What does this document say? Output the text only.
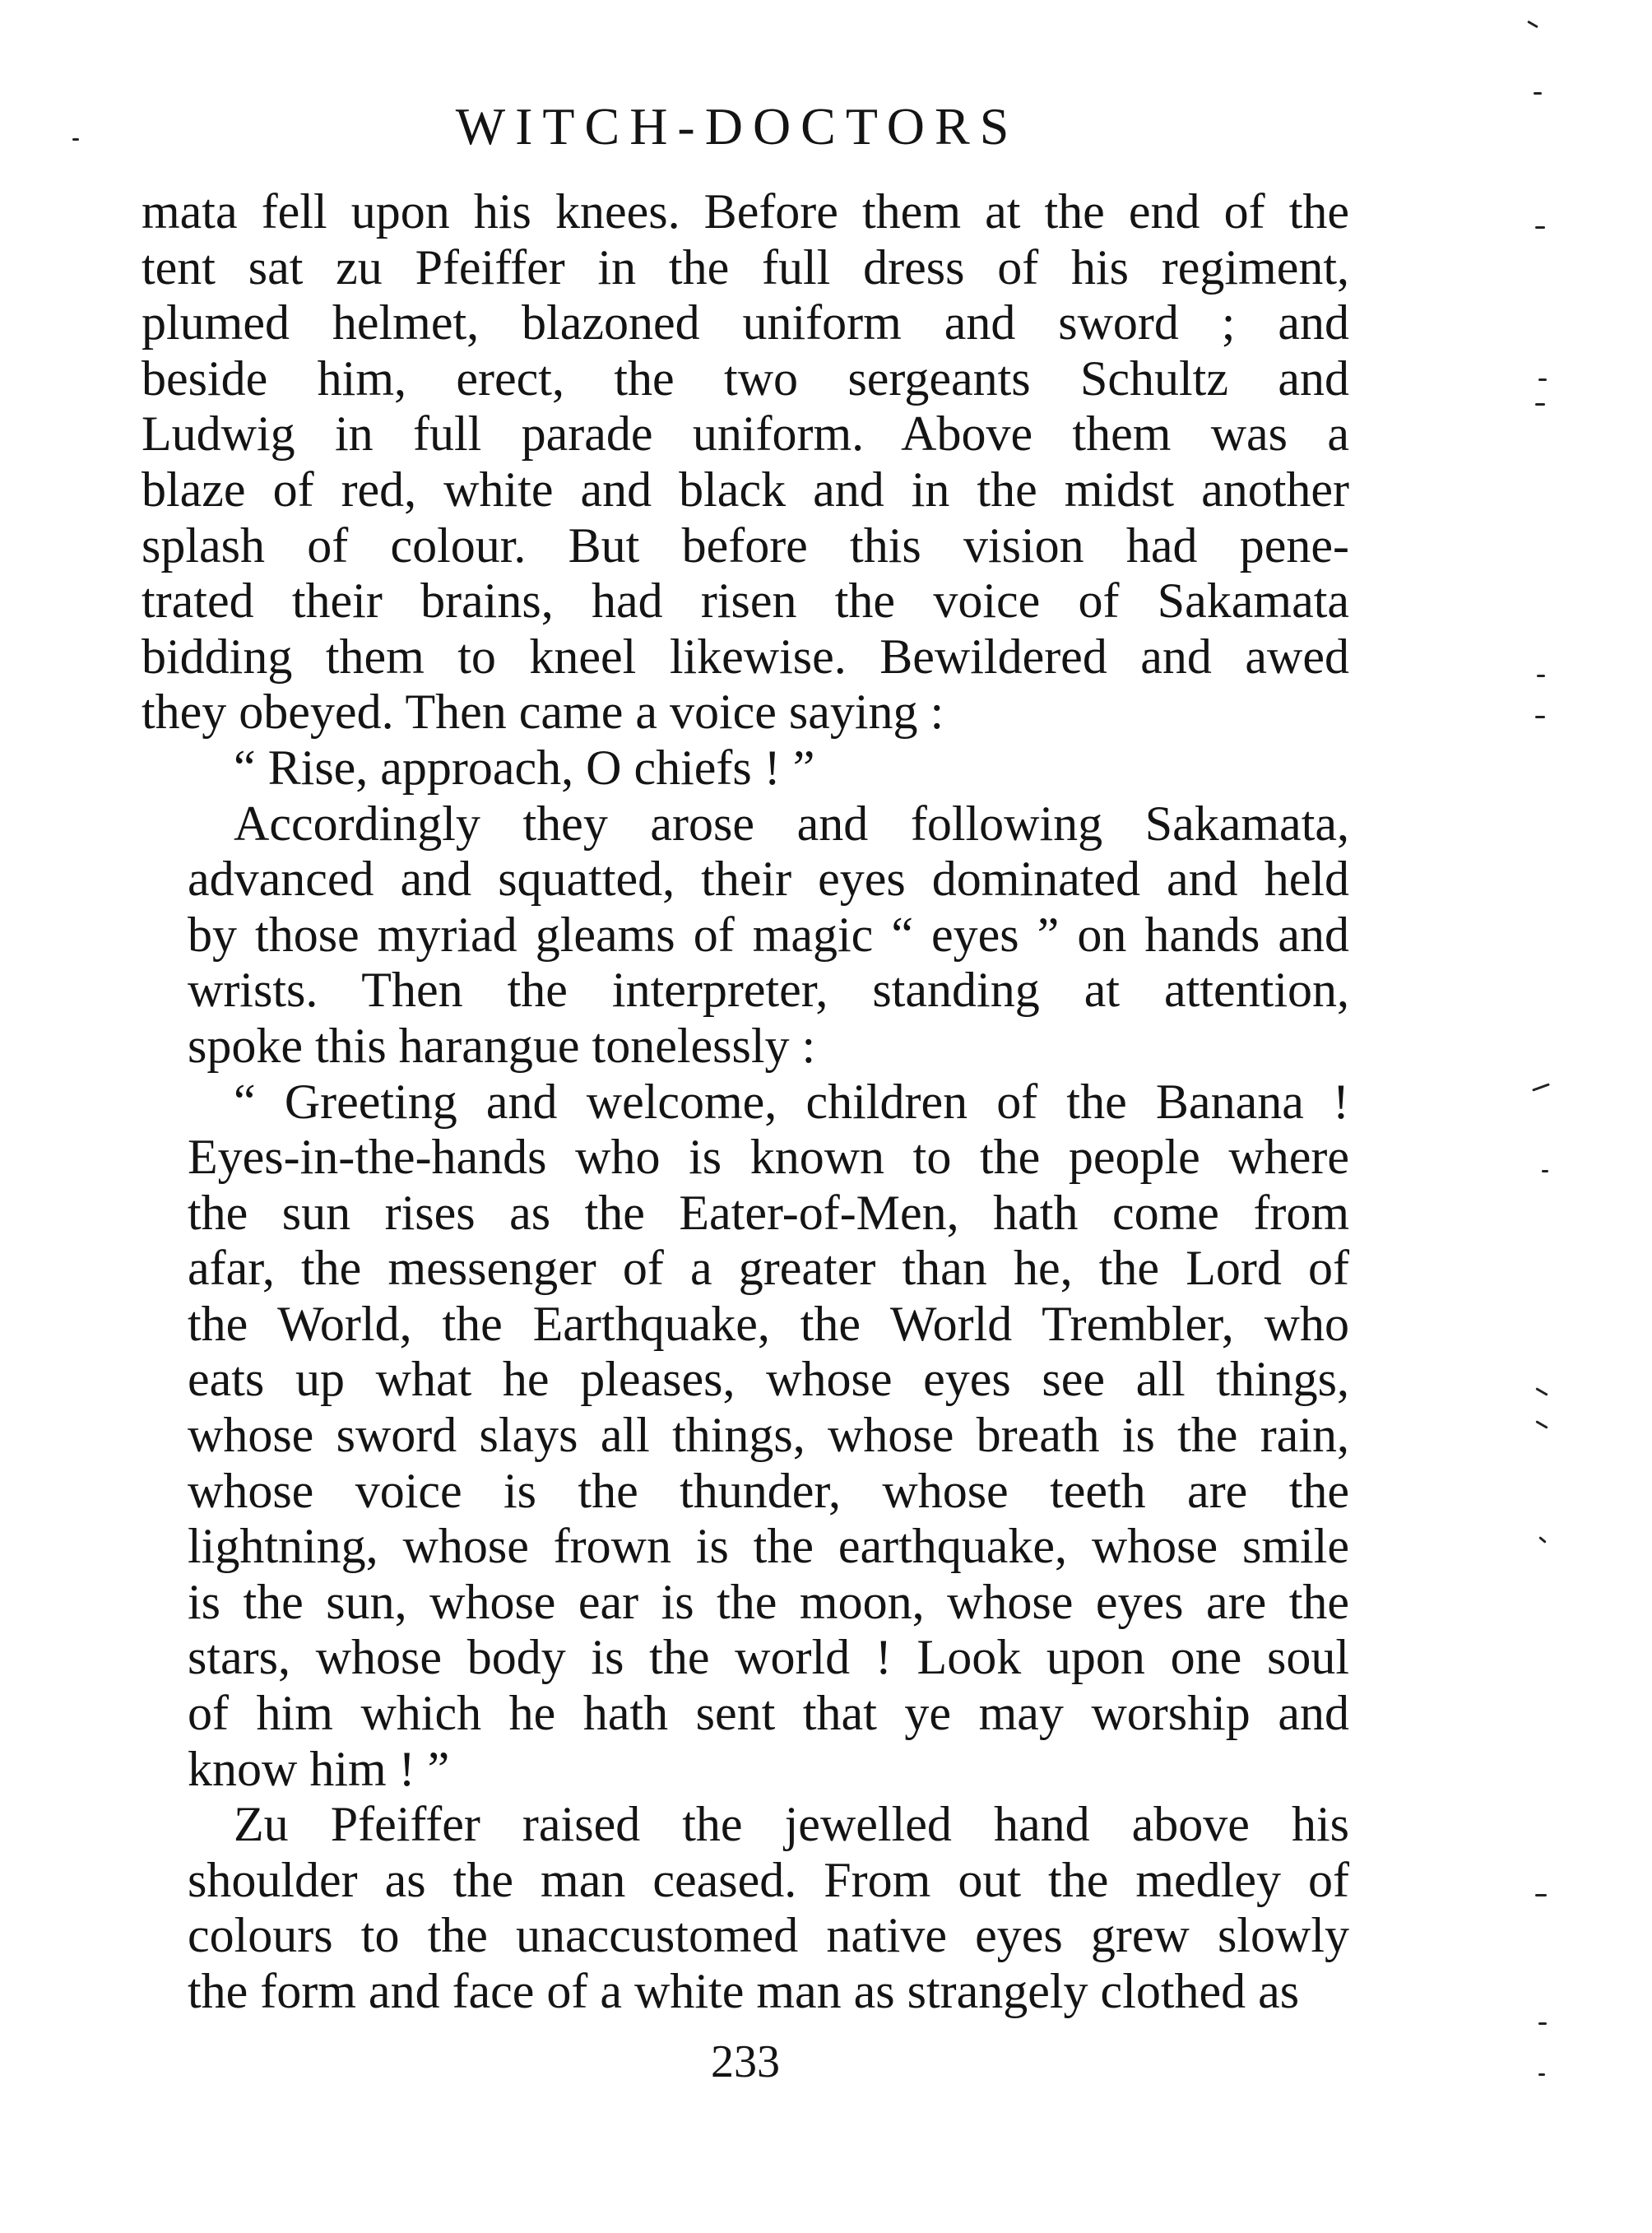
WITCH-DOCTORS

mata fell upon his knees. Before them at the end of the
tent sat zu Pfeiffer in the full dress of his regiment,
plumed helmet, blazoned uniform and sword ; and
beside him, erect, the two sergeants Schultz and
Ludwig in full parade uniform. Above them was a
blaze of red, white and black and in the midst another
splash of colour. But before this vision had pene-
trated their brains, had risen the voice of Sakamata
bidding them to kneel likewise. Bewildered and awed
they obeyed. Then came a voice saying :

“ Rise, approach, O chiefs ! ”

Accordingly they arose and following Sakamata,
advanced and squatted, their eyes dominated and held
by those myriad gleams of magic “ eyes ” on hands and
wrists. Then the interpreter, standing at attention,
spoke this harangue tonelessly :

“ Greeting and welcome, children of the Banana !
Eyes-in-the-hands who is known to the people where
the sun rises as the Eater-of-Men, hath come from
afar, the messenger of a greater than he, the Lord of
the World, the Earthquake, the World Trembler, who
eats up what he pleases, whose eyes see all things,
whose sword slays all things, whose breath is the rain,
whose voice is the thunder, whose teeth are the
lightning, whose frown is the earthquake, whose smile
is the sun, whose ear is the moon, whose eyes are the
stars, whose body is the world ! Look upon one soul
of him which he hath sent that ye may worship and
know him ! ”

Zu Pfeiffer raised the jewelled hand above his
shoulder as the man ceased. From out the medley of
colours to the unaccustomed native eyes grew slowly
the form and face of a white man as strangely clothed as

233
